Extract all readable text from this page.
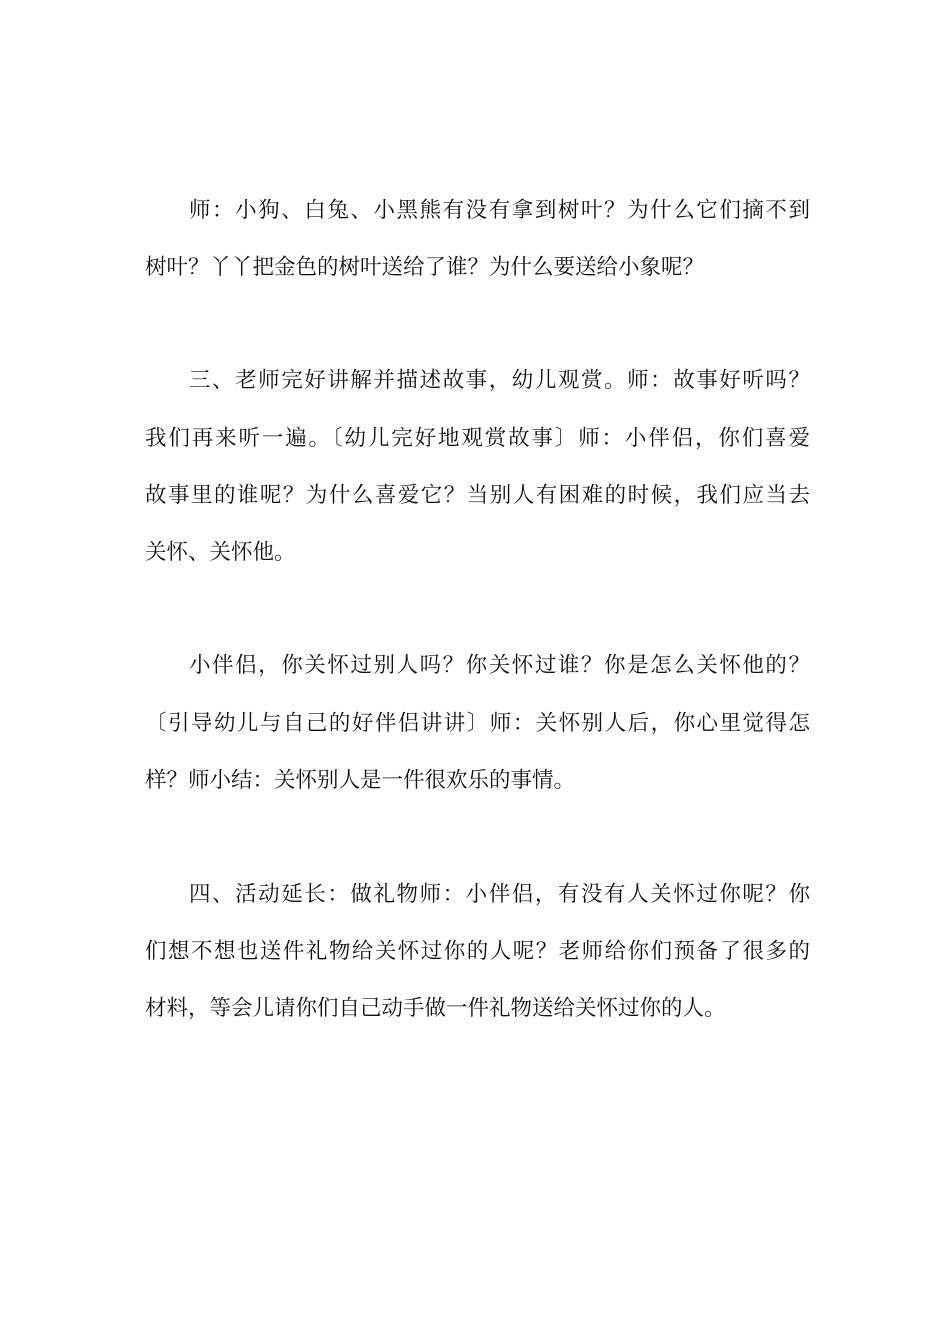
师：小狗、白兔、小黑熊有没有拿到树叶？为什么它们摘不到
树叶？丫丫把金色的树叶送给了谁？为什么要送给小象呢？
三、老师完好讲解并描述故事，幼儿观赏。师：故事好听吗？
我们再来听一遍。〔幼儿完好地观赏故事〕师：小伴侣，你们喜爱
故事里的谁呢？为什么喜爱它？当别人有困难的时候，我们应当去
关怀、关怀他。
小伴侣，你关怀过别人吗？你关怀过谁？你是怎么关怀他的？
〔引导幼儿与自己的好伴侣讲讲〕师：关怀别人后，你心里觉得怎
样？师小结：关怀别人是一件很欢乐的事情。
四、活动延长：做礼物师：小伴侣，有没有人关怀过你呢？你
们想不想也送件礼物给关怀过你的人呢？老师给你们预备了很多的
材料，等会儿请你们自己动手做一件礼物送给关怀过你的人。
